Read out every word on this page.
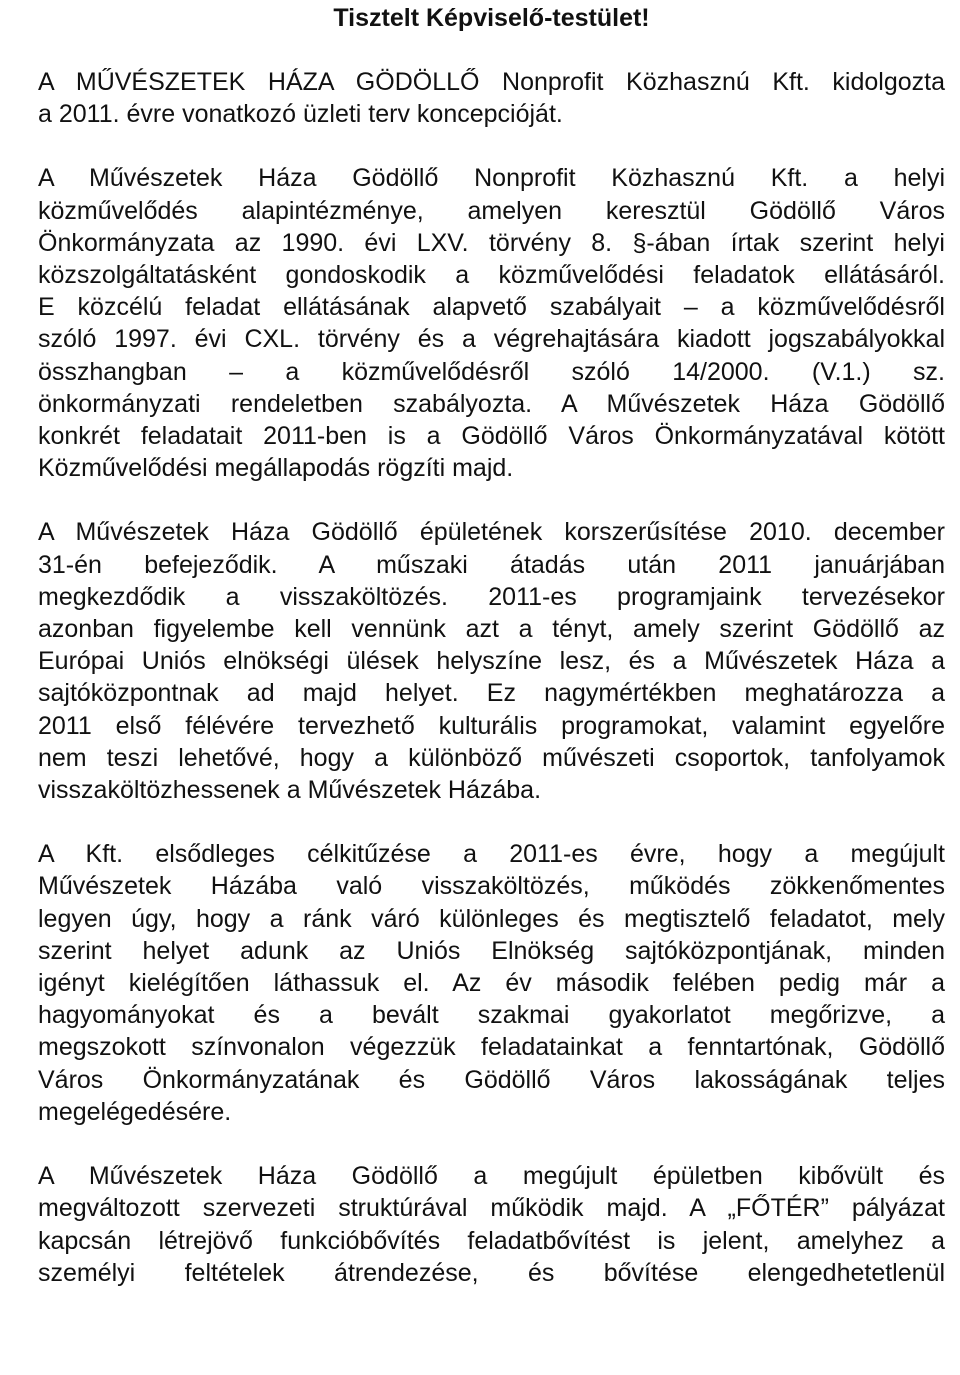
Tisztelt Képviselő-testület!

A MŰVÉSZETEK HÁZA GÖDÖLLŐ Nonprofit Közhasznú Kft. kidolgozta
a 2011. évre vonatkozó üzleti terv koncepcióját.

A Művészetek Háza Gödöllő Nonprofit Közhasznú Kft. a helyi
közművelődés alapintézménye, amelyen keresztül Gödöllő Város
Önkormányzata az 1990. évi LXV. törvény 8. §-ában írtak szerint helyi
közszolgáltatásként gondoskodik a közművelődési feladatok ellátásáról.
E közcélú feladat ellátásának alapvető szabályait – a közművelődésről
szóló 1997. évi CXL. törvény és a végrehajtására kiadott jogszabályokkal
összhangban – a közművelődésről szóló 14/2000. (V.1.) sz.
önkormányzati rendeletben szabályozta. A Művészetek Háza Gödöllő
konkrét feladatait 2011-ben is a Gödöllő Város Önkormányzatával kötött
Közművelődési megállapodás rögzíti majd.

A Művészetek Háza Gödöllő épületének korszerűsítése 2010. december
31-én befejeződik. A műszaki átadás után 2011 januárjában
megkezdődik a visszaköltözés. 2011-es programjaink tervezésekor
azonban figyelembe kell vennünk azt a tényt, amely szerint Gödöllő az
Európai Uniós elnökségi ülések helyszíne lesz, és a Művészetek Háza a
sajtóközpontnak ad majd helyet. Ez nagymértékben meghatározza a
2011 első félévére tervezhető kulturális programokat, valamint egyelőre
nem teszi lehetővé, hogy a különböző művészeti csoportok, tanfolyamok
visszaköltözhessenek a Művészetek Házába.

A Kft. elsődleges célkitűzése a 2011-es évre, hogy a megújult
Művészetek Házába való visszaköltözés, működés zökkenőmentes
legyen úgy, hogy a ránk váró különleges és megtisztelő feladatot, mely
szerint helyet adunk az Uniós Elnökség sajtóközpontjának, minden
igényt kielégítően láthassuk el. Az év második felében pedig már a
hagyományokat és a bevált szakmai gyakorlatot megőrizve, a
megszokott színvonalon végezzük feladatainkat a fenntartónak, Gödöllő
Város Önkormányzatának és Gödöllő Város lakosságának teljes
megelégedésére.

A Művészetek Háza Gödöllő a megújult épületben kibővült és
megváltozott szervezeti struktúrával működik majd. A „FŐTÉR” pályázat
kapcsán létrejövő funkcióbővítés feladatbővítést is jelent, amelyhez a
személyi feltételek átrendezése, és bővítése elengedhetetlenül
